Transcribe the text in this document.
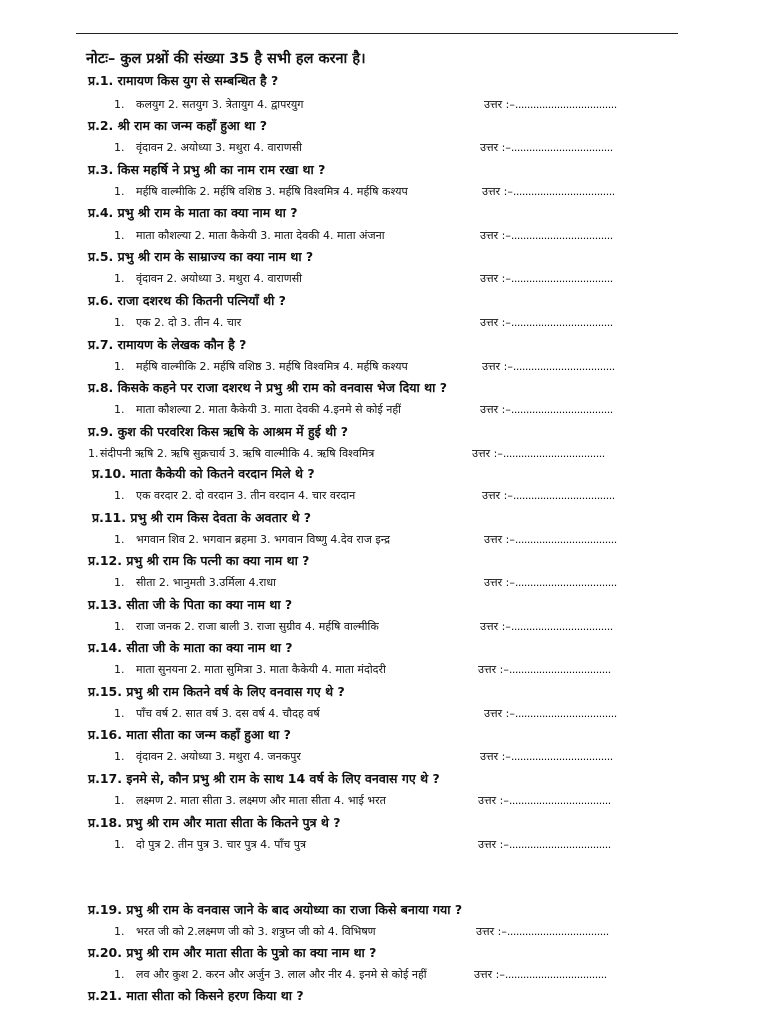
नोटः– कुल प्रश्नों की संख्या 35 है सभी हल करना है।
प्र.1. रामायण किस युग से सम्बन्धित है ?
1. कलयुग 2. सतयुग 3. त्रेतायुग 4. द्वापरयुग	उत्तर :–..................................
प्र.2. श्री राम का जन्म कहाँ हुआ था ?
1. वृंदावन 2. अयोध्या 3. मथुरा 4. वाराणसी	उत्तर :–..................................
प्र.3. किस महर्षि ने प्रभु श्री का नाम राम रखा था ?
1. मर्हषि वाल्मीकि 2. मर्हषि वशिष्ठ 3. मर्हषि विश्वमित्र 4. मर्हषि कश्यप	उत्तर :–..................................
प्र.4. प्रभु श्री राम के माता का क्या नाम था ?
1. माता कौशल्या 2. माता कैकेयी 3. माता देवकी 4. माता अंजना	उत्तर :–..................................
प्र.5. प्रभु श्री राम के साम्राज्य का क्या नाम था ?
1. वृंदावन 2. अयोध्या 3. मथुरा 4. वाराणसी	उत्तर :–..................................
प्र.6. राजा दशरथ की कितनी पत्नियाँ थी ?
1. एक 2. दो 3. तीन 4. चार	उत्तर :–..................................
प्र.7. रामायण के लेखक कौन है ?
1. मर्हषि वाल्मीकि 2. मर्हषि वशिष्ठ 3. मर्हषि विश्वमित्र 4. मर्हषि कश्यप	उत्तर :–..................................
प्र.8. किसके कहने पर राजा दशरथ ने प्रभु श्री राम को वनवास भेज दिया था ?
1. माता कौशल्या 2. माता कैकेयी 3. माता देवकी 4.इनमे से कोई नहीं	उत्तर :–..................................
प्र.9. कुश की परवरिश किस ऋषि के आश्रम में हुई थी ?
1. संदीपनी ऋषि 2. ऋषि सुक्रचार्य 3. ऋषि वाल्मीकि 4. ऋषि विश्वमित्र	उत्तर :–..................................
प्र.10. माता कैकेयी को कितने वरदान मिले थे ?
1. एक वरदार 2. दो वरदान 3. तीन वरदान 4. चार वरदान	उत्तर :–..................................
प्र.11. प्रभु श्री राम किस देवता के अवतार थे ?
1. भगवान शिव 2. भगवान ब्रहमा 3. भगवान विष्णु 4.देव राज इन्द्र	उत्तर :–..................................
प्र.12. प्रभु श्री राम कि पत्नी का क्या नाम था ?
1. सीता 2. भानुमती 3.उर्मिला 4.राधा	उत्तर :–..................................
प्र.13. सीता जी के पिता का क्या नाम था ?
1. राजा जनक 2. राजा बाली 3. राजा सुग्रीव 4. मर्हषि वाल्मीकि	उत्तर :–..................................
प्र.14. सीता जी के माता का क्या नाम था ?
1. माता सुनयना 2. माता सुमित्रा 3. माता कैकेयी 4. माता मंदोदरी	उत्तर :–..................................
प्र.15. प्रभु श्री राम कितने वर्ष के लिए वनवास गए थे ?
1. पाँच वर्ष 2. सात वर्ष 3. दस वर्ष 4. चौदह वर्ष	उत्तर :–..................................
प्र.16. माता सीता का जन्म कहाँ हुआ था ?
1. वृंदावन 2. अयोध्या 3. मथुरा 4. जनकपुर	उत्तर :–..................................
प्र.17. इनमे से, कौन प्रभु श्री राम के साथ 14 वर्ष के लिए वनवास गए थे ?
1. लक्ष्मण 2. माता सीता 3. लक्ष्मण और माता सीता 4. भाई भरत	उत्तर :–..................................
प्र.18. प्रभु श्री राम और माता सीता के कितने पुत्र थे ?
1. दो पुत्र 2. तीन पुत्र 3. चार पुत्र 4. पाँच पुत्र	उत्तर :–..................................
प्र.19. प्रभु श्री राम के वनवास जाने के बाद अयोध्या का राजा किसे बनाया गया ?
1. भरत जी को 2.लक्ष्मण जी को 3. शत्रुघ्न जी को 4. विभिषण	उत्तर :–..................................
प्र.20. प्रभु श्री राम और माता सीता के पुत्रो का क्या नाम था ?
1. लव और कुश 2. करन और अर्जुन 3. लाल और नीर 4. इनमे से कोई नहीं	उत्तर :–..................................
प्र.21. माता सीता को किसने हरण किया था ?
